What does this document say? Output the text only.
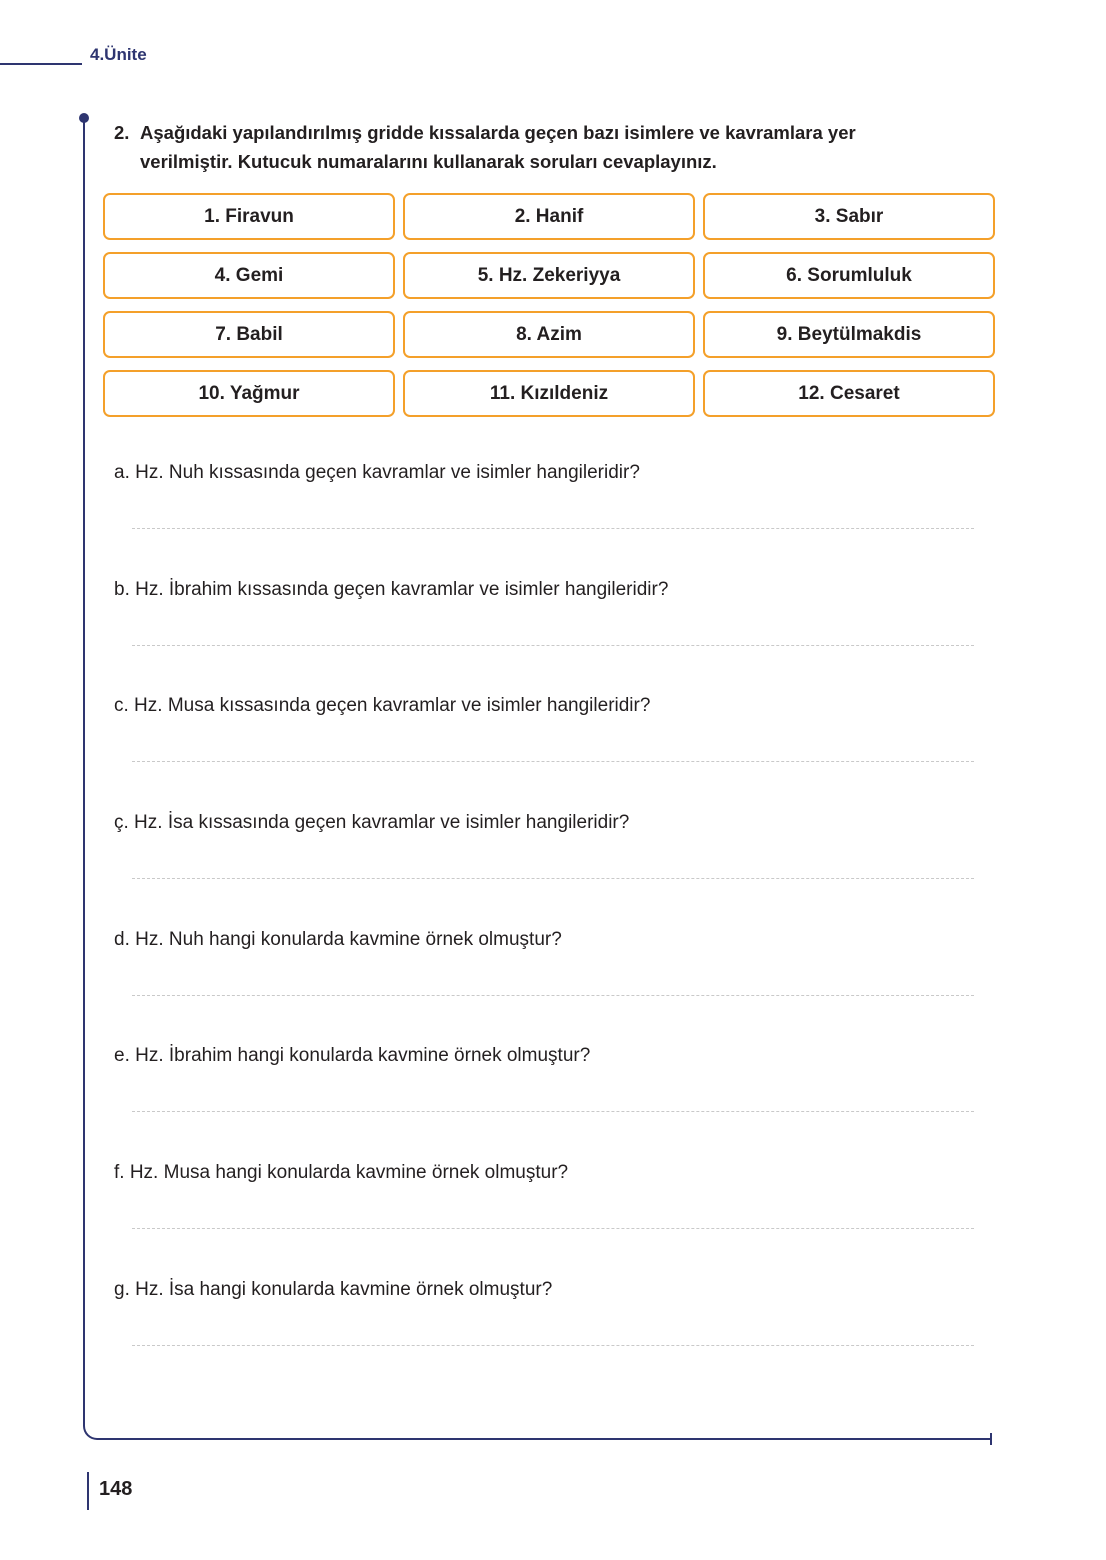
4.Ünite
2. Aşağıdaki yapılandırılmış gridde kıssalarda geçen bazı isimlere ve kavramlara yer
verilmiştir. Kutucuk numaralarını kullanarak soruları cevaplayınız.
1. Firavun	2. Hanif	3. Sabır
4. Gemi	5. Hz. Zekeriyya	6. Sorumluluk
7. Babil	8. Azim	9. Beytülmakdis
10. Yağmur	11. Kızıldeniz	12. Cesaret
a. Hz. Nuh kıssasında geçen kavramlar ve isimler hangileridir?
b. Hz. İbrahim kıssasında geçen kavramlar ve isimler hangileridir?
c. Hz. Musa kıssasında geçen kavramlar ve isimler hangileridir?
ç. Hz. İsa kıssasında geçen kavramlar ve isimler hangileridir?
d. Hz. Nuh hangi konularda kavmine örnek olmuştur?
e. Hz. İbrahim hangi konularda kavmine örnek olmuştur?
f. Hz. Musa hangi konularda kavmine örnek olmuştur?
g. Hz. İsa hangi konularda kavmine örnek olmuştur?
148
